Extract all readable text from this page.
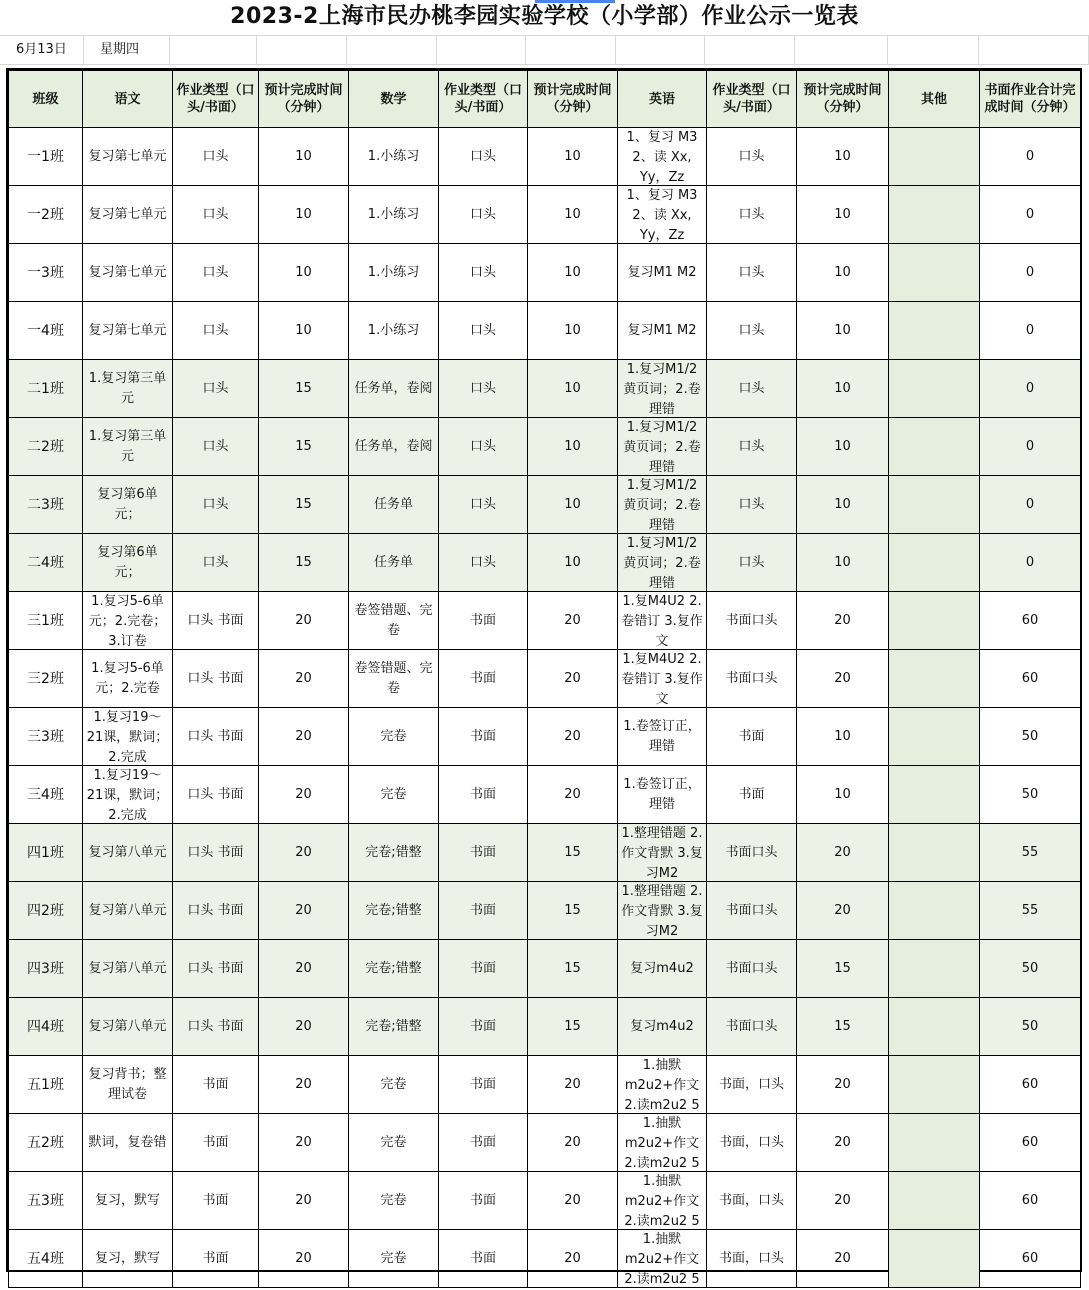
2023-2上海市民办桃李园实验学校（小学部）作业公示一览表
6月13日	星期四
班级	语文	作业类型（口头/书面）	预计完成时间（分钟）	数学	作业类型（口头/书面）	预计完成时间（分钟）	英语	作业类型（口头/书面）	预计完成时间（分钟）	其他	书面作业合计完成时间（分钟）

一1班	复习第七单元	口头	10	1.小练习	口头	10	1、复习 M3 2、读 Xx, Yy，Zz	口头	10		0

一2班	复习第七单元	口头	10	1.小练习	口头	10	1、复习 M3 2、读 Xx, Yy，Zz	口头	10		0

一3班	复习第七单元	口头	10	1.小练习	口头	10	复习M1 M2	口头	10		0

一4班	复习第七单元	口头	10	1.小练习	口头	10	复习M1 M2	口头	10		0

二1班	1.复习第三单元	口头	15	任务单，卷阅	口头	10	1.复习M1/2黄页词；2.卷理错	口头	10		0

二2班	1.复习第三单元	口头	15	任务单，卷阅	口头	10	1.复习M1/2黄页词；2.卷理错	口头	10		0

二3班	复习第6单元；	口头	15	任务单	口头	10	1.复习M1/2黄页词；2.卷理错	口头	10		0

二4班	复习第6单元；	口头	15	任务单	口头	10	1.复习M1/2黄页词；2.卷理错	口头	10		0

三1班	1.复习5-6单元；2.完卷；3.订卷	口头 书面	20	卷签错题、完卷	书面	20	1.复M4U2 2.卷错订 3.复作文	书面口头	20		60

三2班	1.复习5-6单元；2.完卷	口头 书面	20	卷签错题、完卷	书面	20	1.复M4U2 2.卷错订 3.复作文	书面口头	20		60

三3班	1.复习19～21课，默词；2.完成	口头 书面	20	完卷	书面	20	1.卷签订正，理错	书面	10		50

三4班	1.复习19～21课，默词；2.完成	口头 书面	20	完卷	书面	20	1.卷签订正，理错	书面	10		50

四1班	复习第八单元	口头 书面	20	完卷;错整	书面	15	1.整理错题 2.作文背默 3.复习M2	书面口头	20		55

四2班	复习第八单元	口头 书面	20	完卷;错整	书面	15	1.整理错题 2.作文背默 3.复习M2	书面口头	20		55

四3班	复习第八单元	口头 书面	20	完卷;错整	书面	15	复习m4u2	书面口头	15		50

四4班	复习第八单元	口头 书面	20	完卷;错整	书面	15	复习m4u2	书面口头	15		50

五1班	复习背书；整理试卷	书面	20	完卷	书面	20	1.抽默m2u2+作文 2.读m2u2 5	书面，口头	20		60

五2班	默词，复卷错	书面	20	完卷	书面	20	1.抽默m2u2+作文 2.读m2u2 5	书面，口头	20		60

五3班	复习，默写	书面	20	完卷	书面	20	1.抽默m2u2+作文 2.读m2u2 5	书面，口头	20		60

五4班	复习，默写	书面	20	完卷	书面	20	1.抽默m2u2+作文 2.读m2u2 5	书面，口头	20		60
